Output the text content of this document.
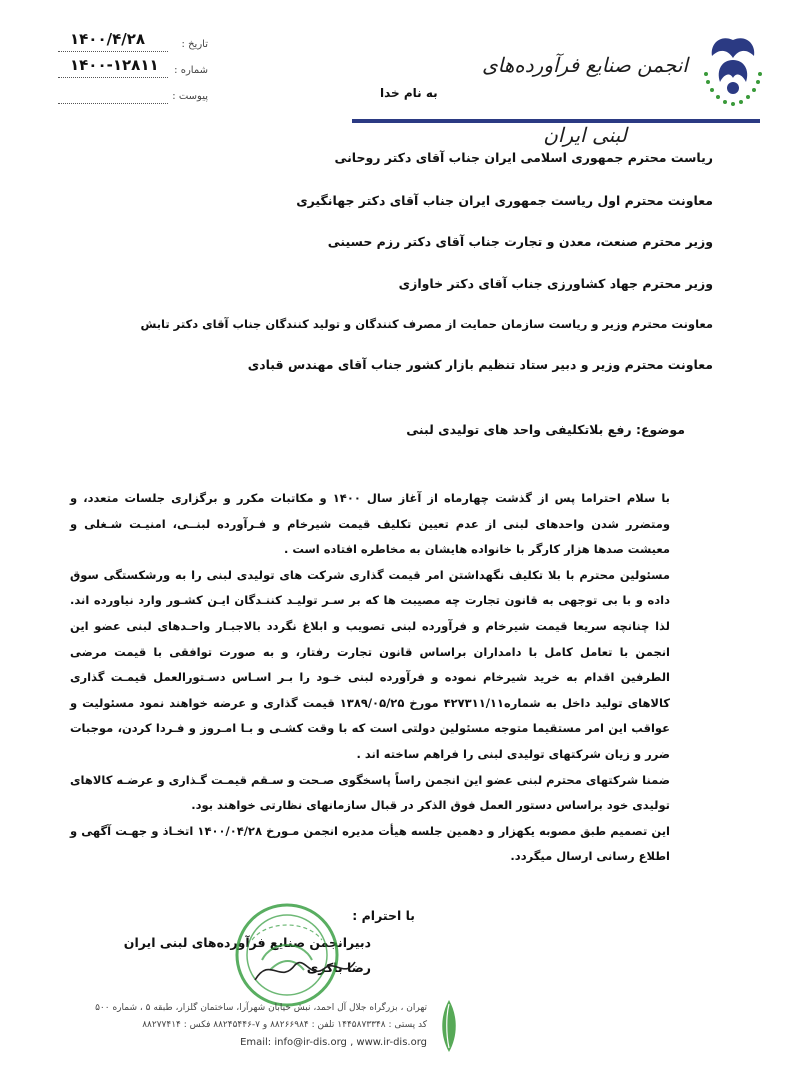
تاریخ :
۱۴۰۰/۴/۲۸
شماره :
۱۴۰۰-۱۲۸۱۱
پیوست :
انجمن صنایع فرآورده‌های لبنی ایران
به نام خدا
ریاست محترم جمهوری اسلامی ایران جناب آقای دکتر روحانی
معاونت محترم اول ریاست جمهوری ایران جناب آقای دکتر جهانگیری
وزیر محترم صنعت، معدن و تجارت جناب آقای دکتر رزم حسینی
وزیر محترم جهاد کشاورزی جناب آقای دکتر خاوازی
معاونت محترم وزیر و ریاست سازمان حمایت از مصرف کنندگان و تولید کنندگان جناب آقای دکتر تابش
معاونت محترم وزیر و دبیر ستاد تنظیم بازار کشور جناب آقای مهندس قبادی
موضوع: رفع بلاتکلیفی واحد های تولیدی لبنی

با سلام احتراما پس از گذشت چهارماه از آغاز سال ۱۴۰۰ و مکاتبات مکرر و برگزاری جلسات متعدد، و ومتضرر شدن واحدهای لبنی از عدم تعیین تکلیف قیمت شیرخام و فـرآورده لبنــی، امنیـت شـغلی و معیشت صدها هزار کارگر با خانواده هایشان به مخاطره افتاده است .

مسئولین محترم با بلا تکلیف نگهداشتن امر قیمت گذاری شرکت های تولیدی لبنی را به ورشکستگی سوق داده و با بی توجهی به قانون تجارت چه مصیبت ها که بر سـر تولیـد کننـدگان ایـن کشـور وارد نیاورده اند. لذا چنانچه سریعا قیمت شیرخام و فرآورده لبنی تصویب و ابلاغ نگردد بالاجبـار واحـدهای لبنی عضو این انجمن با تعامل کامل با دامداران براساس قانون تجارت رفتار، و به صورت توافقی با قیمت مرضی الطرفین اقدام به خرید شیرخام نموده و فرآورده لبنی خـود را بـر اسـاس دسـتورالعمل قیمـت گذاری کالاهای تولید داخل به شماره۴۲۷۳۱۱/۱۱ مورخ ۱۳۸۹/۰۵/۲۵ قیمت گذاری و عرضه خواهند نمود مسئولیت و عواقب این امر مستقیما متوجه مسئولین دولتی است که با وقت کشـی و بـا امـروز و فـردا کردن، موجبات ضرر و زیان شرکتهای تولیدی لبنی را فراهم ساخته اند .

ضمنا شرکتهای محترم لبنی عضو این انجمن راساً پاسخگوی صـحت و سـقم قیمـت گـذاری و عرضـه کالاهای تولیدی خود براساس دستور العمل فوق الذکر در قبال سازمانهای نظارتی خواهند بود.

این تصمیم طبق مصوبه یکهزار و دهمین جلسه هیأت مدیره انجمن مـورخ ۱۴۰۰/۰۴/۲۸ اتخـاذ و جهـت آگهی و اطلاع رسانی ارسال میگردد.

با احترام :
دبیرانجمن صنایع فرآورده‌های لبنی ایران
رضا باکری
تهران ، بزرگراه جلال آل احمد، نبش خیابان شهرآرا، ساختمان گلزار، طبقه ۵ ، شماره ۵۰۰
کد پستی : ۱۴۴۵۸۷۳۳۴۸ تلفن : ۸۸۲۶۶۹۸۴ و ۷-۸۸۲۴۵۴۴۶ فکس : ۸۸۲۷۷۴۱۴
Email: info@ir-dis.org , www.ir-dis.org
